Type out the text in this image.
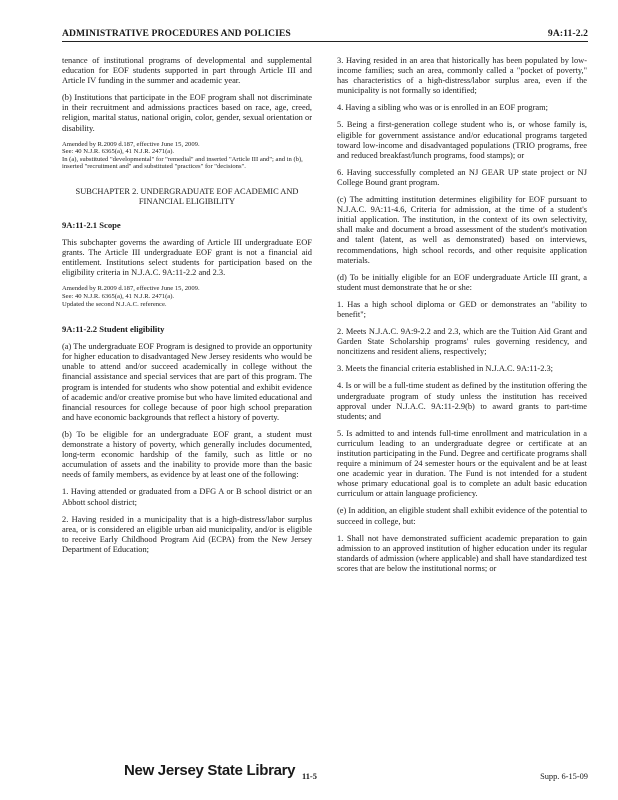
ADMINISTRATIVE PROCEDURES AND POLICIES	9A:11-2.2

tenance of institutional programs of developmental and supplemental education for EOF students supported in part through Article III and Article IV funding in the summer and academic year.

(b) Institutions that participate in the EOF program shall not discriminate in their recruitment and admissions practices based on race, age, creed, religion, marital status, national origin, color, gender, sexual orientation or disability.

Amended by R.2009 d.187, effective June 15, 2009.
See: 40 N.J.R. 6365(a), 41 N.J.R. 2471(a).
In (a), substituted "developmental" for "remedial" and inserted "Article III and"; and in (b), inserted "recruitment and" and substituted "practices" for "decisions".
SUBCHAPTER 2. UNDERGRADUATE EOF ACADEMIC AND FINANCIAL ELIGIBILITY
9A:11-2.1 Scope

This subchapter governs the awarding of Article III undergraduate EOF grants. The Article III undergraduate EOF grant is not a financial aid entitlement. Institutions select students for participation based on the eligibility criteria in N.J.A.C. 9A:11-2.2 and 2.3.

Amended by R.2009 d.187, effective June 15, 2009.
See: 40 N.J.R. 6365(a), 41 N.J.R. 2471(a).
Updated the second N.J.A.C. reference.
9A:11-2.2 Student eligibility

(a) The undergraduate EOF Program is designed to provide an opportunity for higher education to disadvantaged New Jersey residents who would be unable to attend and/or succeed academically in college without the financial assistance and special services that are part of this program. The program is intended for students who show potential and exhibit evidence of academic and/or creative promise but who have limited educational and financial resources for college because of poor high school preparation and have economic backgrounds that reflect a history of poverty.

(b) To be eligible for an undergraduate EOF grant, a student must demonstrate a history of poverty, which generally includes documented, long-term economic hardship of the family, such as little or no accumulation of assets and the inability to provide more than the basic needs of family members, as evidence by at least one of the following:

1. Having attended or graduated from a DFG A or B school district or an Abbott school district;

2. Having resided in a municipality that is a high-distress/labor surplus area, or is considered an eligible urban aid municipality, and/or is eligible to receive Early Childhood Program Aid (ECPA) from the New Jersey Department of Education;

3. Having resided in an area that historically has been populated by low-income families; such an area, commonly called a "pocket of poverty," has characteristics of a high-distress/labor surplus area, even if the municipality is not formally so identified;

4. Having a sibling who was or is enrolled in an EOF program;

5. Being a first-generation college student who is, or whose family is, eligible for government assistance and/or educational programs targeted toward low-income and disadvantaged populations (TRIO programs, free and reduced breakfast/lunch programs, food stamps); or

6. Having successfully completed an NJ GEAR UP state project or NJ College Bound grant program.

(c) The admitting institution determines eligibility for EOF pursuant to N.J.A.C. 9A:11-4.6, Criteria for admission, at the time of a student's initial application. The institution, in the context of its own selectivity, shall make and document a broad assessment of the student's motivation and talent (latent, as well as demonstrated) based on interviews, recommendations, high school records, and other requisite application materials.

(d) To be initially eligible for an EOF undergraduate Article III grant, a student must demonstrate that he or she:

1. Has a high school diploma or GED or demonstrates an "ability to benefit";

2. Meets N.J.A.C. 9A:9-2.2 and 2.3, which are the Tuition Aid Grant and Garden State Scholarship programs' rules governing residency, and noncitizens and resident aliens, respectively;

3. Meets the financial criteria established in N.J.A.C. 9A:11-2.3;

4. Is or will be a full-time student as defined by the institution offering the undergraduate program of study unless the institution has received approval under N.J.A.C. 9A:11-2.9(b) to award grants to part-time students; and

5. Is admitted to and intends full-time enrollment and matriculation in a curriculum leading to an undergraduate degree or certificate at an institution participating in the Fund. Degree and certificate programs shall require a minimum of 24 semester hours or the equivalent and be at least one academic year in duration. The Fund is not intended for a student whose primary educational goal is to complete an adult basic education curriculum or attain language proficiency.

(e) In addition, an eligible student shall exhibit evidence of the potential to succeed in college, but:

1. Shall not have demonstrated sufficient academic preparation to gain admission to an approved institution of higher education under its regular standards of admission (where applicable) and shall have standardized test scores that are below the institutional norms; or

New Jersey State Library 11-5	Supp. 6-15-09
